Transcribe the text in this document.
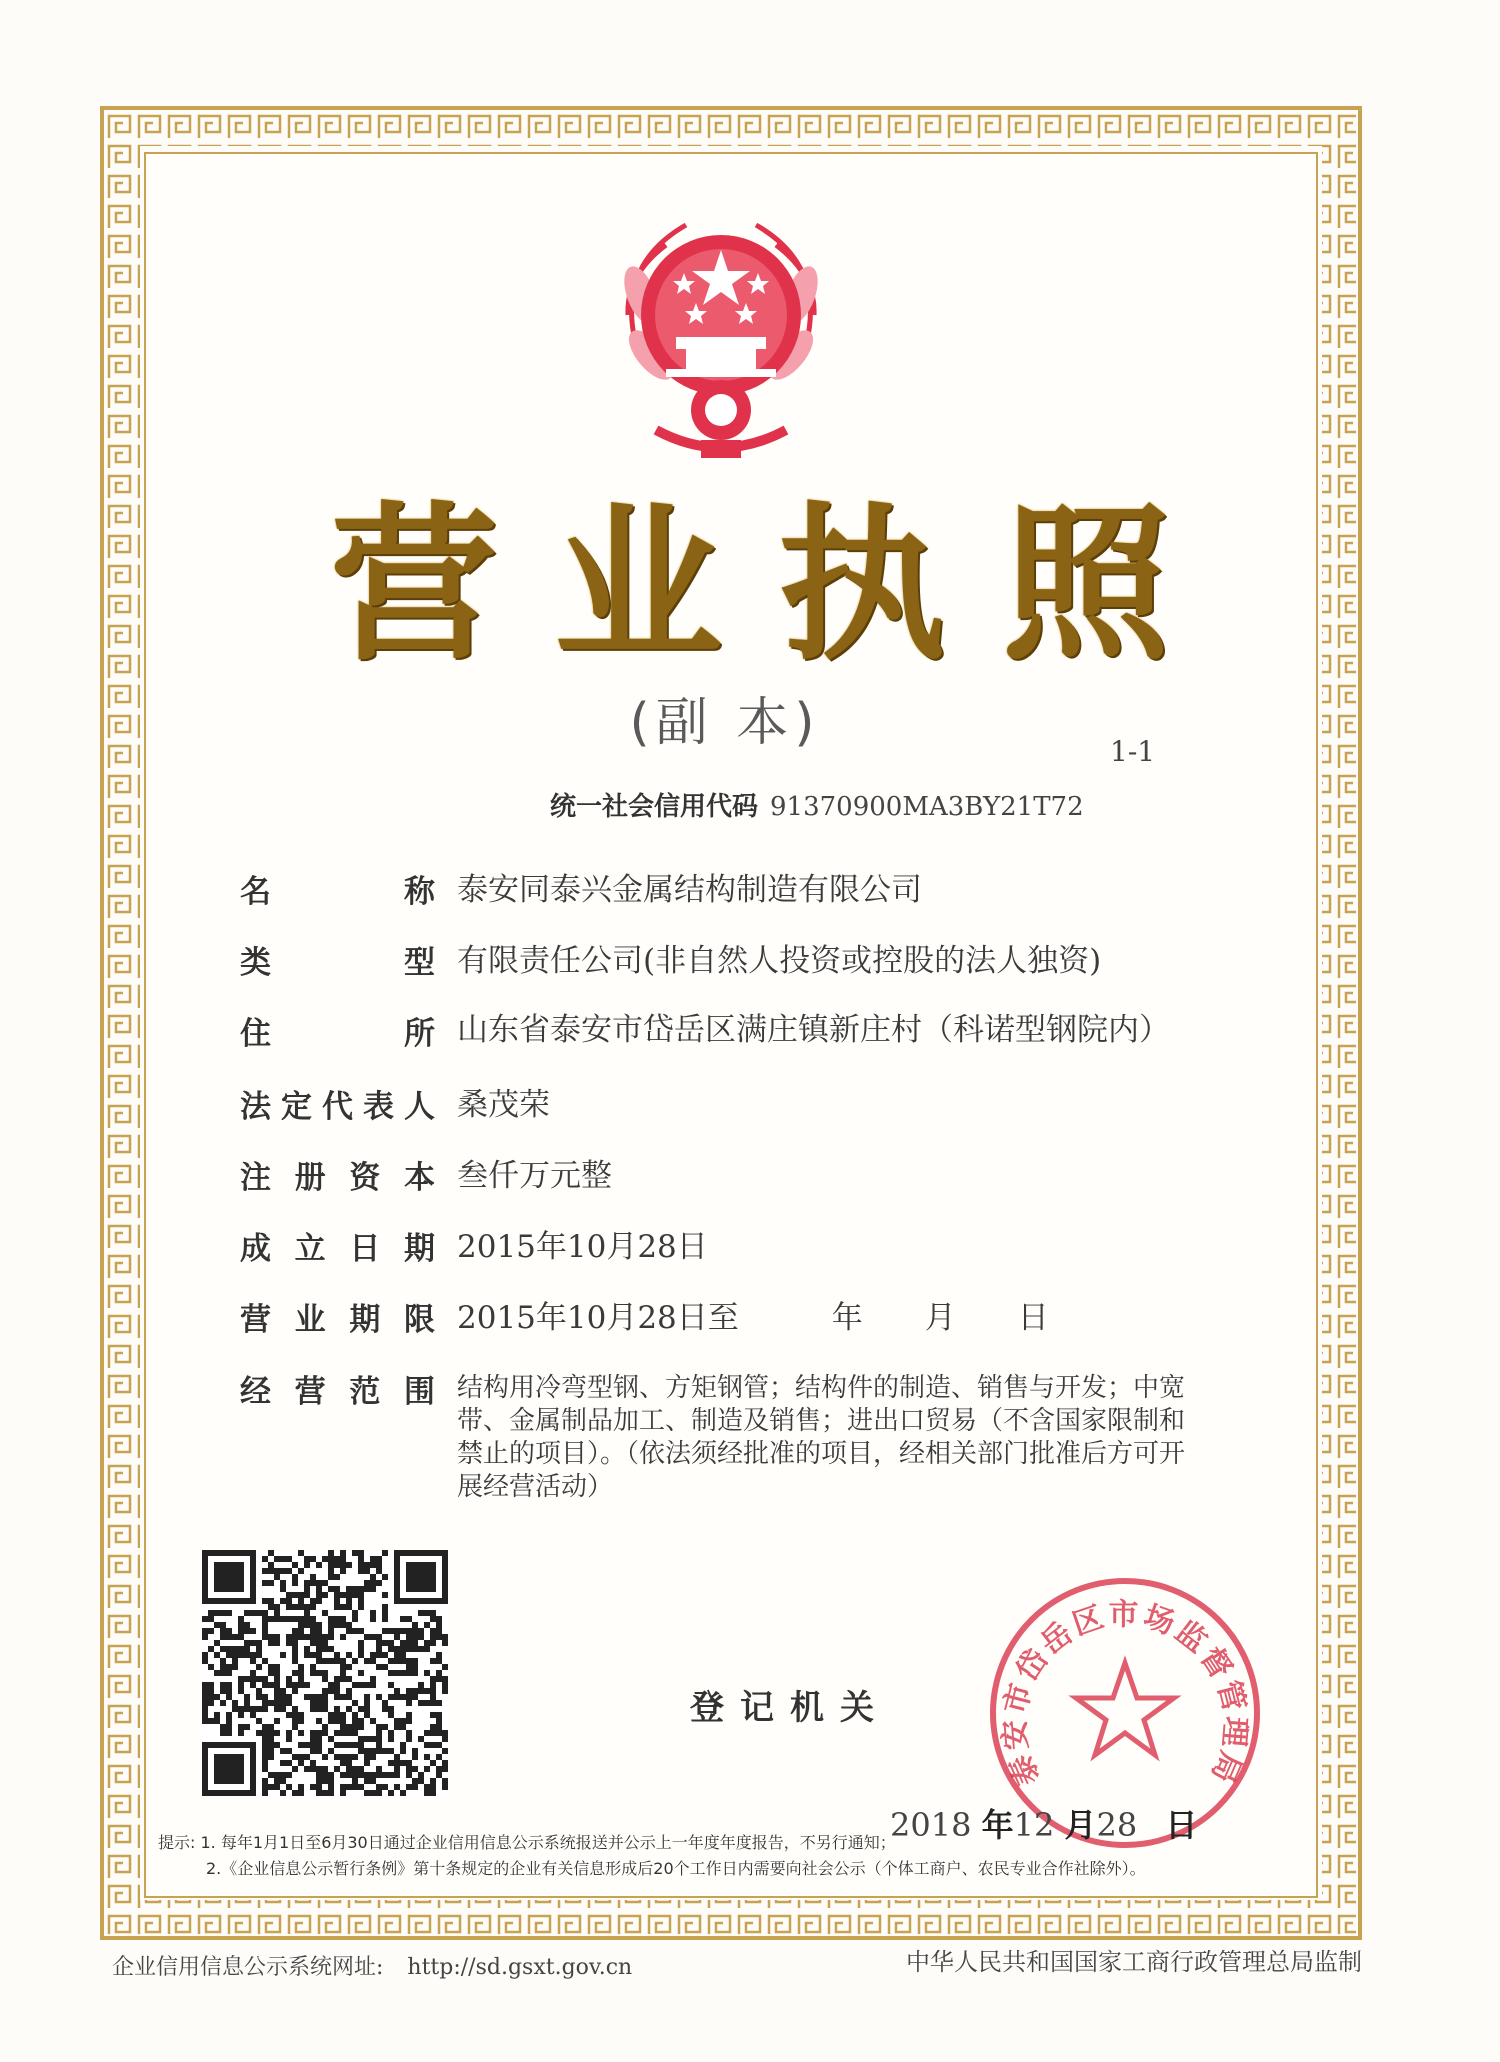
营 业 执 照
(副 本)	1-1
统一社会信用代码 91370900MA3BY21T72
名称 泰安同泰兴金属结构制造有限公司
类型 有限责任公司(非自然人投资或控股的法人独资)
住所 山东省泰安市岱岳区满庄镇新庄村（科诺型钢院内）
法定代表人 桑茂荣
注册资本 叁仟万元整
成立日期 2015年10月28日
营业期限 2015年10月28日至　　　年　　月　　日
经营范围 结构用冷弯型钢、方矩钢管；结构件的制造、销售与开发；中宽带、金属制品加工、制造及销售；进出口贸易（不含国家限制和禁止的项目）。（依法须经批准的项目，经相关部门批准后方可开展经营活动）
登记机关
泰安市岱岳区市场监督管理局
2018 年12 月28 日
提示: 1. 每年1月1日至6月30日通过企业信用信息公示系统报送并公示上一年度年度报告，不另行通知；
2.《企业信息公示暂行条例》第十条规定的企业有关信息形成后20个工作日内需要向社会公示（个体工商户、农民专业合作社除外）。
企业信用信息公示系统网址: http://sd.gsxt.gov.cn	中华人民共和国国家工商行政管理总局监制
